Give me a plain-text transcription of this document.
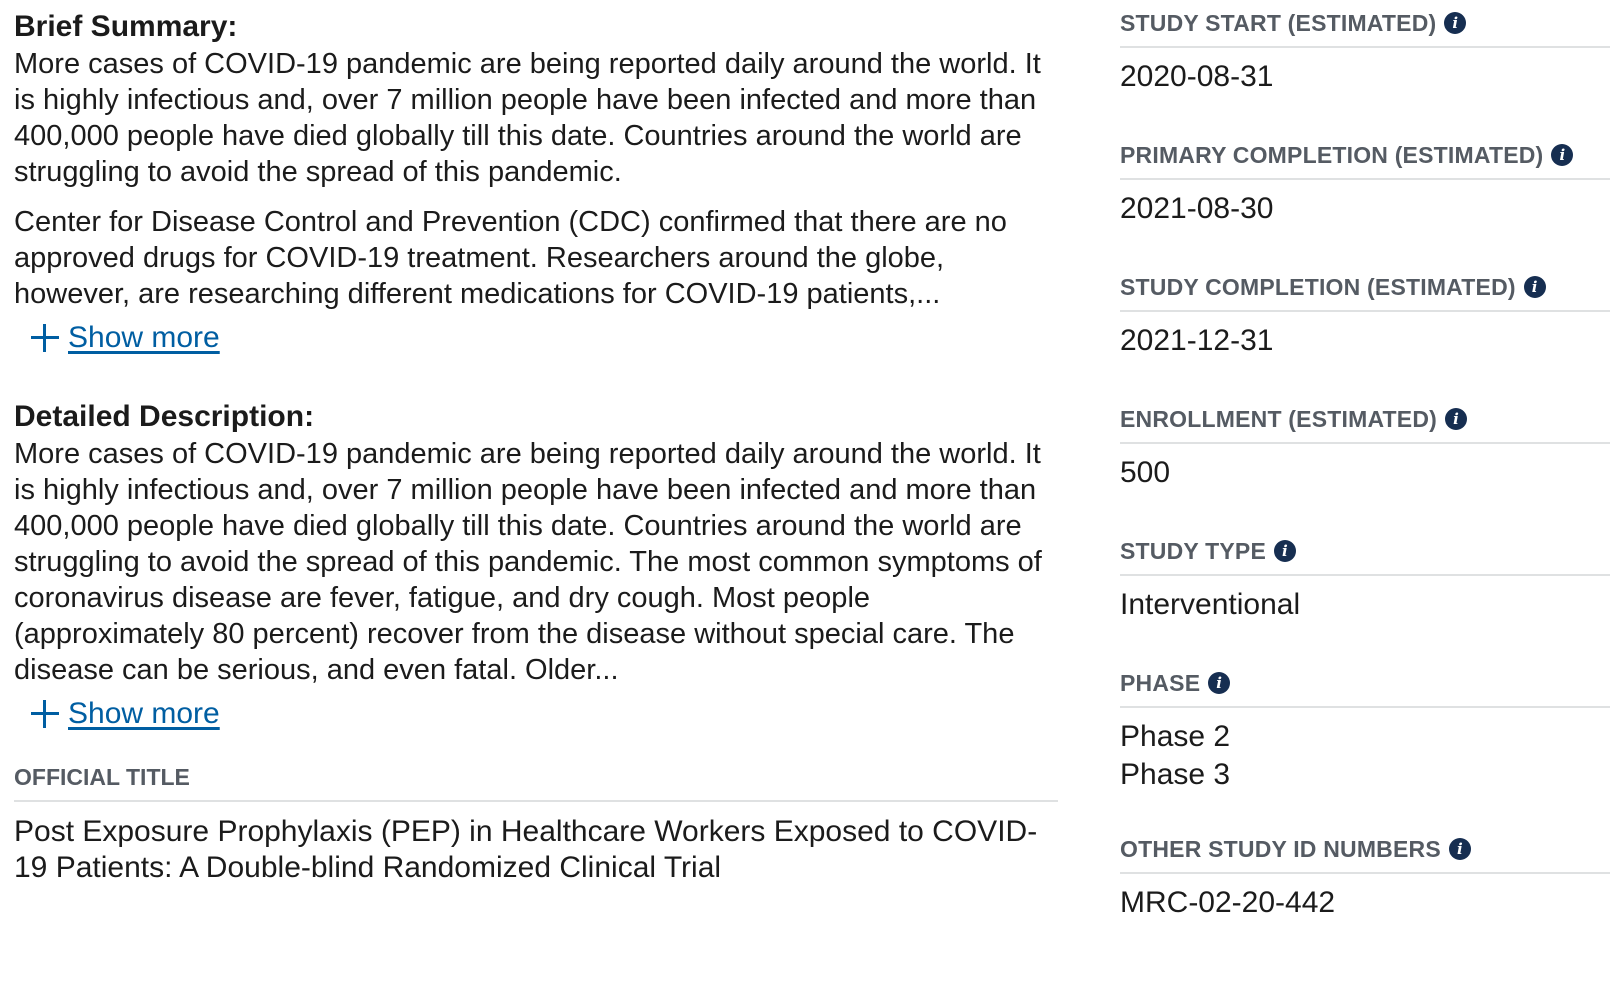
Brief Summary:

More cases of COVID-19 pandemic are being reported daily around the world. It is highly infectious and, over 7 million people have been infected and more than 400,000 people have died globally till this date. Countries around the world are struggling to avoid the spread of this pandemic.

Center for Disease Control and Prevention (CDC) confirmed that there are no approved drugs for COVID-19 treatment. Researchers around the globe, however, are researching different medications for COVID-19 patients,...

Show more
Detailed Description:

More cases of COVID-19 pandemic are being reported daily around the world. It is highly infectious and, over 7 million people have been infected and more than 400,000 people have died globally till this date. Countries around the world are struggling to avoid the spread of this pandemic. The most common symptoms of coronavirus disease are fever, fatigue, and dry cough. Most people (approximately 80 percent) recover from the disease without special care. The disease can be serious, and even fatal. Older...

Show more
OFFICIAL TITLE
Post Exposure Prophylaxis (PEP) in Healthcare Workers Exposed to COVID-19 Patients: A Double-blind Randomized Clinical Trial
STUDY START (ESTIMATED)	i
2020-08-31
PRIMARY COMPLETION (ESTIMATED)	i
2021-08-30
STUDY COMPLETION (ESTIMATED)	i
2021-12-31
ENROLLMENT (ESTIMATED)	i
500
STUDY TYPE	i
Interventional
PHASE	i
Phase 2
Phase 3
OTHER STUDY ID NUMBERS	i
MRC-02-20-442
